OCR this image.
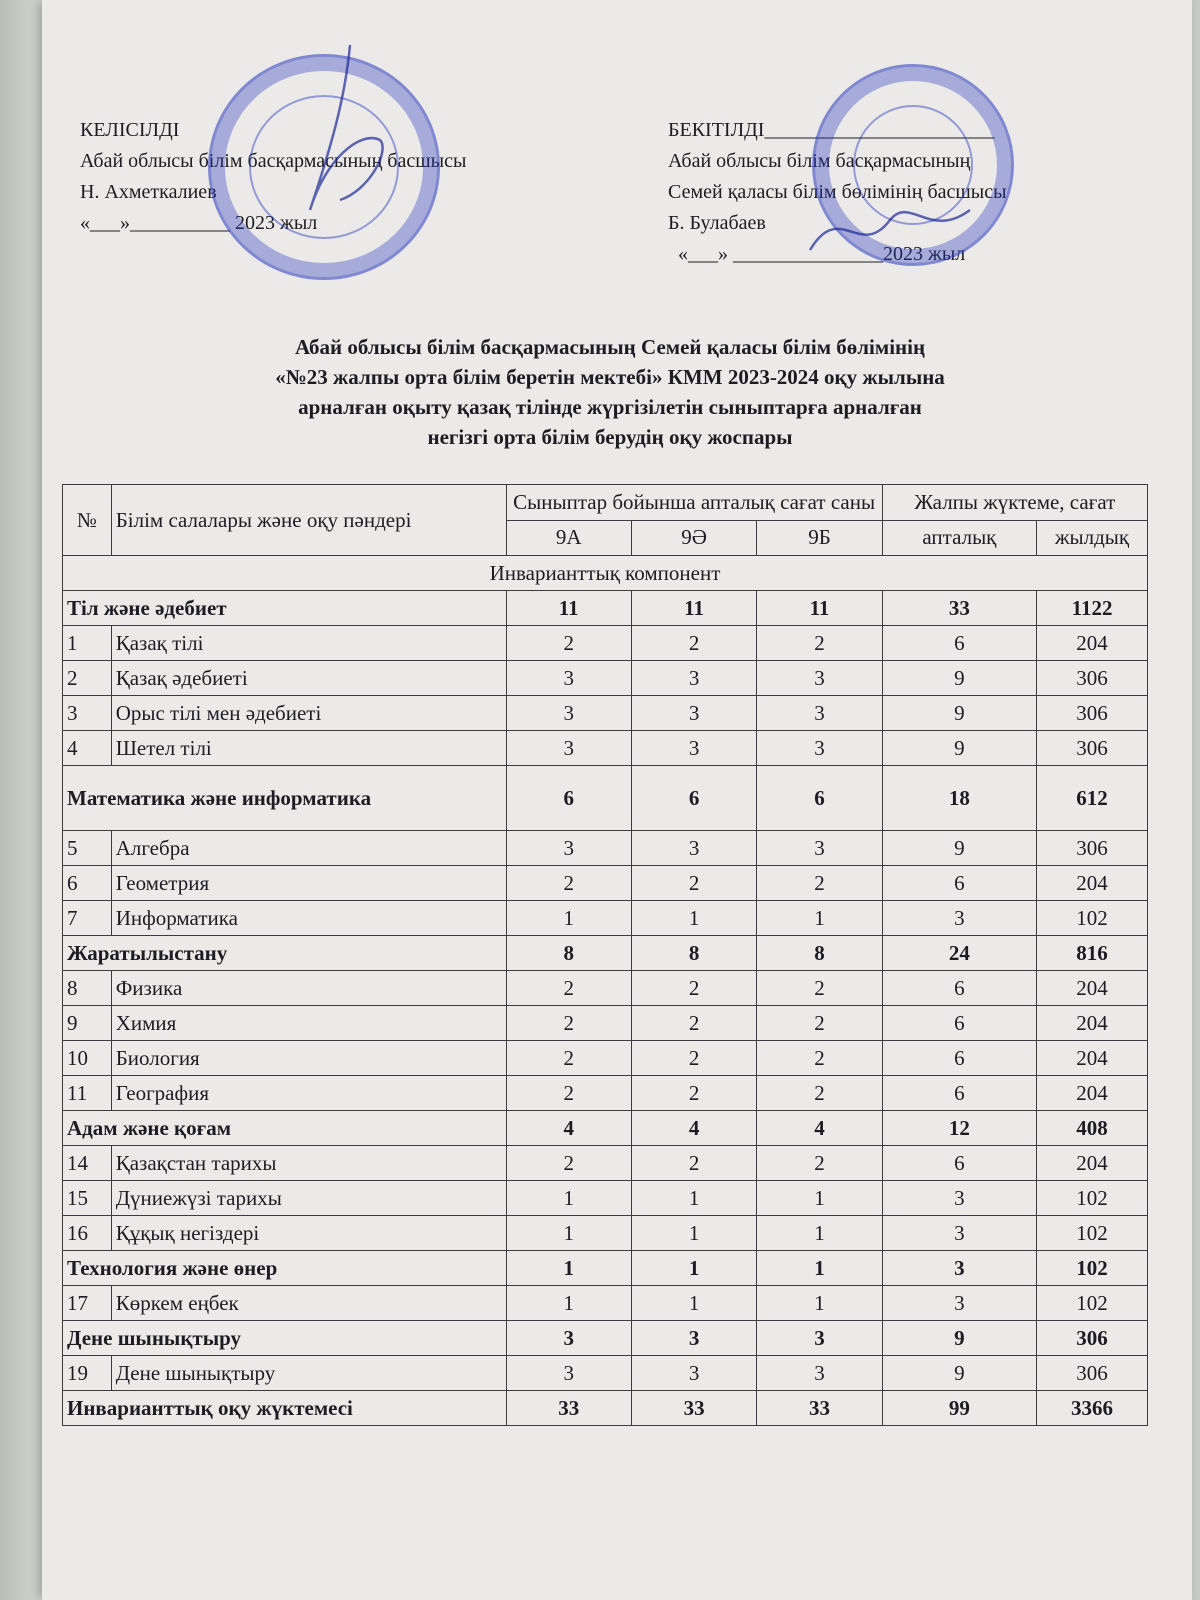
КЕЛІСІЛДІ
Абай облысы білім басқармасының басшысы
Н. Ахметкалиев
«___»__________ 2023 жыл
БЕКІТІЛДІ_______________________
Абай облысы білім басқармасының
Семей қаласы білім бөлімінің басшысы
Б. Булабаев
«___» _______________2023 жыл
Абай облысы білім басқармасының Семей қаласы білім бөлімінің
«№23 жалпы орта білім беретін мектебі» КММ 2023-2024 оқу жылына
арналған оқыту қазақ тілінде жүргізілетін сыныптарға арналған
негізгі орта білім берудің оқу жоспары
№	Білім салалары және оқу пәндері	Сыныптар бойынша апталық сағат саны			Жалпы жүктеме, сағат	
		9А	9Ә	9Б	апталық	жылдық
Инварианттық компонент						
Тіл және әдебиет		11	11	11	33	1122
1	Қазақ тілі	2	2	2	6	204
2	Қазақ әдебиеті	3	3	3	9	306
3	Орыс тілі мен әдебиеті	3	3	3	9	306
4	Шетел тілі	3	3	3	9	306
Математика және информатика		6	6	6	18	612
5	Алгебра	3	3	3	9	306
6	Геометрия	2	2	2	6	204
7	Информатика	1	1	1	3	102
Жаратылыстану		8	8	8	24	816
8	Физика	2	2	2	6	204
9	Химия	2	2	2	6	204
10	Биология	2	2	2	6	204
11	География	2	2	2	6	204
Адам және қоғам		4	4	4	12	408
14	Қазақстан тарихы	2	2	2	6	204
15	Дүниежүзі тарихы	1	1	1	3	102
16	Құқық негіздері	1	1	1	3	102
Технология және өнер		1	1	1	3	102
17	Көркем еңбек	1	1	1	3	102
Дене шынықтыру		3	3	3	9	306
19	Дене шынықтыру	3	3	3	9	306
Инварианттық оқу жүктемесі		33	33	33	99	3366
